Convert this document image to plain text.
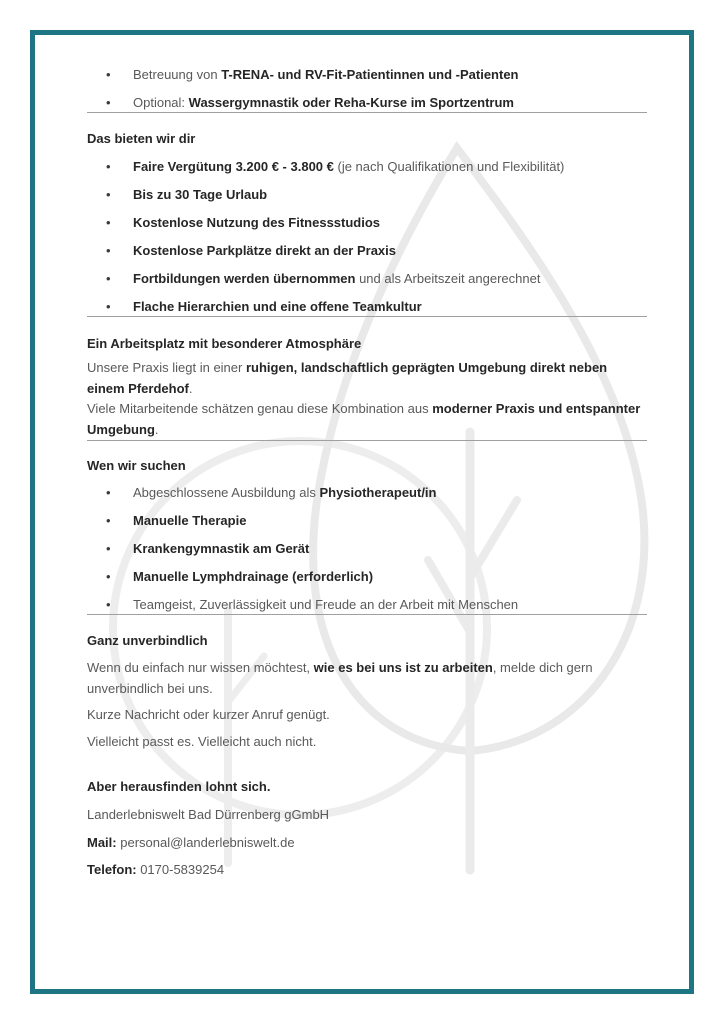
• Betreuung von T-RENA- und RV-Fit-Patientinnen und -Patienten
• Optional: Wassergymnastik oder Reha-Kurse im Sportzentrum
Das bieten wir dir
• Faire Vergütung 3.200 € - 3.800 € (je nach Qualifikationen und Flexibilität)
• Bis zu 30 Tage Urlaub
• Kostenlose Nutzung des Fitnessstudios
• Kostenlose Parkplätze direkt an der Praxis
• Fortbildungen werden übernommen und als Arbeitszeit angerechnet
• Flache Hierarchien und eine offene Teamkultur
Ein Arbeitsplatz mit besonderer Atmosphäre

Unsere Praxis liegt in einer ruhigen, landschaftlich geprägten Umgebung direkt neben einem Pferdehof.
Viele Mitarbeitende schätzen genau diese Kombination aus moderner Praxis und entspannter Umgebung.

Wen wir suchen
• Abgeschlossene Ausbildung als Physiotherapeut/in
• Manuelle Therapie
• Krankengymnastik am Gerät
• Manuelle Lymphdrainage (erforderlich)
• Teamgeist, Zuverlässigkeit und Freude an der Arbeit mit Menschen
Ganz unverbindlich

Wenn du einfach nur wissen möchtest, wie es bei uns ist zu arbeiten, melde dich gern unverbindlich bei uns.

Kurze Nachricht oder kurzer Anruf genügt.

Vielleicht passt es. Vielleicht auch nicht.

Aber herausfinden lohnt sich.

Landerlebniswelt Bad Dürrenberg gGmbH

Mail: personal@landerlebniswelt.de

Telefon: 0170-5839254
